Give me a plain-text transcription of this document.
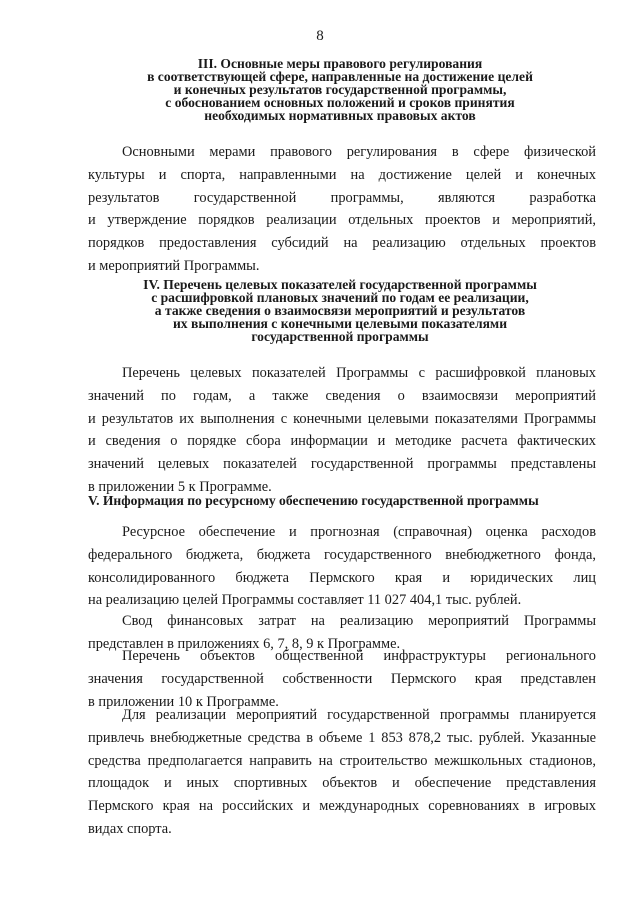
8
III. Основные меры правового регулирования
в соответствующей сфере, направленные на достижение целей
и конечных результатов государственной программы,
с обоснованием основных положений и сроков принятия
необходимых нормативных правовых актов
Основными мерами правового регулирования в сфере физической
культуры и спорта, направленными на достижение целей и конечных
результатов государственной программы, являются разработка
и утверждение порядков реализации отдельных проектов и мероприятий,
порядков предоставления субсидий на реализацию отдельных проектов
и мероприятий Программы.
IV. Перечень целевых показателей государственной программы
с расшифровкой плановых значений по годам ее реализации,
а также сведения о взаимосвязи мероприятий и результатов
их выполнения с конечными целевыми показателями
государственной программы
Перечень целевых показателей Программы с расшифровкой плановых
значений по годам, а также сведения о взаимосвязи мероприятий
и результатов их выполнения с конечными целевыми показателями Программы
и сведения о порядке сбора информации и методике расчета фактических
значений целевых показателей государственной программы представлены
в приложении 5 к Программе.
V. Информация по ресурсному обеспечению государственной программы
Ресурсное обеспечение и прогнозная (справочная) оценка расходов
федерального бюджета, бюджета государственного внебюджетного фонда,
консолидированного бюджета Пермского края и юридических лиц
на реализацию целей Программы составляет 11 027 404,1 тыс. рублей.
Свод финансовых затрат на реализацию мероприятий Программы
представлен в приложениях 6, 7, 8, 9 к Программе.
Перечень объектов общественной инфраструктуры регионального
значения государственной собственности Пермского края представлен
в приложении 10 к Программе.
Для реализации мероприятий государственной программы планируется
привлечь внебюджетные средства в объеме 1 853 878,2 тыс. рублей. Указанные
средства предполагается направить на строительство межшкольных стадионов,
площадок и иных спортивных объектов и обеспечение представления
Пермского края на российских и международных соревнованиях в игровых
видах спорта.
